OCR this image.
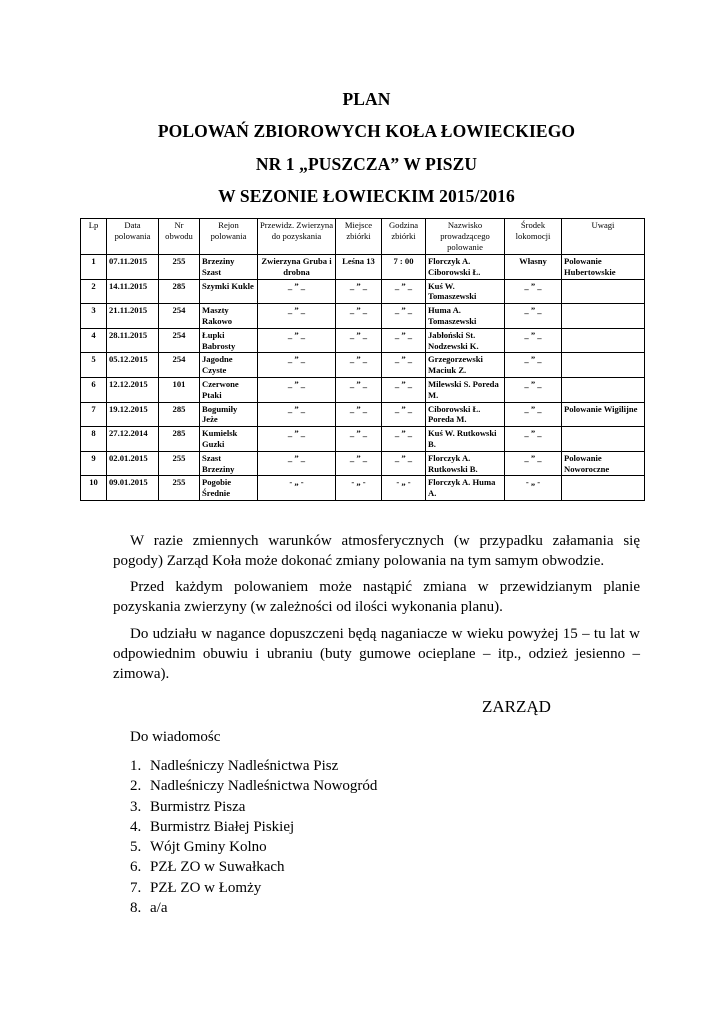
PLAN
POLOWAŃ ZBIOROWYCH KOŁA ŁOWIECKIEGO
NR 1 „PUSZCZA” W PISZU
W SEZONIE ŁOWIECKIM 2015/2016
Lp	Data polowania	Nr obwodu	Rejon polowania	Przewidz. Zwierzyna do pozyskania	Miejsce zbiórki	Godzina zbiórki	Nazwisko prowadzącego polowanie	Środek lokomocji	Uwagi
1	07.11.2015	255	Brzeziny Szast	Zwierzyna Gruba i drobna	Leśna 13	7 : 00	Florczyk A. Ciborowski Ł.	Własny	Polowanie Hubertowskie
2	14.11.2015	285	Szymki Kukle	_ ” _	_ ” _	_ ” _	Kuś W. Tomaszewski	_ ” _	
3	21.11.2015	254	Maszty Rakowo	_ ” _	_ ” _	_ ” _	Huma A. Tomaszewski	_ ” _	
4	28.11.2015	254	Łupki Babrosty	_ ” _	_ ” _	_ ” _	Jabłoński St. Nodzewski K.	_ ” _	
5	05.12.2015	254	Jagodne Czyste	_ ” _	_ ” _	_ ” _	Grzegorzewski Maciuk Z.	_ ” _	
6	12.12.2015	101	Czerwone Ptaki	_ ” _	_ ” _	_ ” _	Milewski S. Poreda M.	_ ” _	
7	19.12.2015	285	Bogumiły Jeże	_ ” _	_ ” _	_ ” _	Ciborowski Ł. Poreda M.	_ ” _	Polowanie Wigilijne
8	27.12.2014	285	Kumielsk Guzki	_ ” _	_ ” _	_ ” _	Kuś W. Rutkowski B.	_ ” _	
9	02.01.2015	255	Szast Brzeziny	_ ” _	_ ” _	_ ” _	Florczyk A. Rutkowski B.	_ ” _	Polowanie Noworoczne
10	09.01.2015	255	Pogobie Średnie	- „ -	- „ -	- „ -	Florczyk A. Huma A.	- „ -	
W razie zmiennych warunków atmosferycznych (w przypadku załamania się pogody) Zarząd Koła może dokonać zmiany polowania na tym samym obwodzie.
Przed każdym polowaniem może nastąpić zmiana w przewidzianym planie pozyskania zwierzyny (w zależności od ilości wykonania planu).
Do udziału w nagance dopuszczeni będą naganiacze w wieku powyżej 15 – tu lat w odpowiednim obuwiu i ubraniu (buty gumowe ocieplane – itp., odzież jesienno – zimowa).
ZARZĄD
Do wiadomośc
1. Nadleśniczy Nadleśnictwa Pisz
2. Nadleśniczy Nadleśnictwa Nowogród
3. Burmistrz Pisza
4. Burmistrz Białej Piskiej
5. Wójt Gminy Kolno
6. PZŁ ZO w Suwałkach
7. PZŁ ZO w Łomży
8. a/a
